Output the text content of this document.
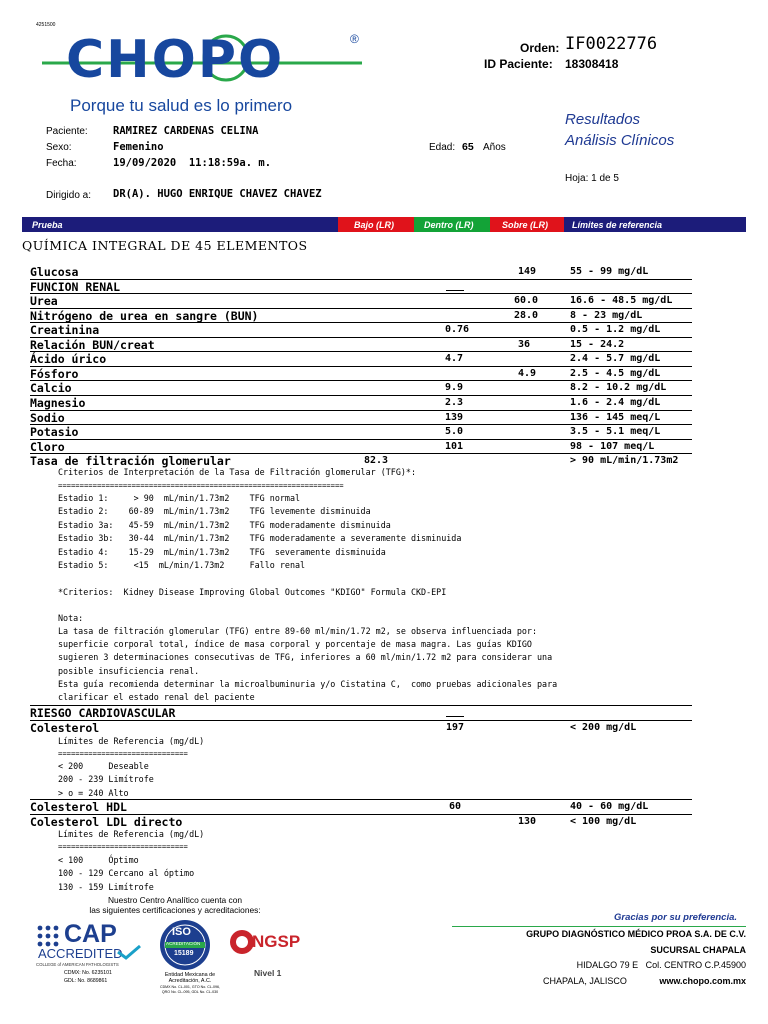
4251500
CHOPO	®
Porque tu salud es lo primero
Orden: IF0022776
ID Paciente: 18308418
Resultados
Análisis Clínicos
Paciente: RAMIREZ CARDENAS CELINA
Sexo:	Femenino	Edad: 65 Años
Fecha:	19/09/2020  11:18:59a. m.
Hoja: 1 de 5
Dirigido a: DR(A). HUGO ENRIQUE CHAVEZ CHAVEZ
Prueba	Bajo (LR)	Dentro (LR)	Sobre (LR)	Límites de referencia
QUÍMICA INTEGRAL DE 45 ELEMENTOS
Glucosa	149	55 - 99 mg/dL
FUNCION RENAL
Urea	60.0	16.6 - 48.5 mg/dL
Nitrógeno de urea en sangre (BUN)	28.0	8 - 23 mg/dL
Creatinina	0.76	0.5 - 1.2 mg/dL
Relación BUN/creat	36	15 - 24.2
Ácido úrico	4.7	2.4 - 5.7 mg/dL
Fósforo	4.9	2.5 - 4.5 mg/dL
Calcio	9.9	8.2 - 10.2 mg/dL
Magnesio	2.3	1.6 - 2.4 mg/dL
Sodio	139	136 - 145 meq/L
Potasio	5.0	3.5 - 5.1 meq/L
Cloro	101	98 - 107 meq/L
Tasa de filtración glomerular	82.3	> 90 mL/min/1.73m2
Criterios de Interpretación de la Tasa de Filtración glomerular (TFG)*:
==================================================================
Estadio 1:     > 90  mL/min/1.73m2    TFG normal
Estadio 2:    60-89  mL/min/1.73m2    TFG levemente disminuida
Estadio 3a:   45-59  mL/min/1.73m2    TFG moderadamente disminuida
Estadio 3b:   30-44  mL/min/1.73m2    TFG moderadamente a severamente disminuida
Estadio 4:    15-29  mL/min/1.73m2    TFG  severamente disminuida
Estadio 5:     <15  mL/min/1.73m2     Fallo renal
*Criterios:  Kidney Disease Improving Global Outcomes "KDIGO" Formula CKD-EPI
Nota:
La tasa de filtración glomerular (TFG) entre 89-60 ml/min/1.72 m2, se observa influenciada por:
superficie corporal total, índice de masa corporal y porcentaje de masa magra. Las guías KDIGO
sugieren 3 determinaciones consecutivas de TFG, inferiores a 60 ml/min/1.72 m2 para considerar una
posible insuficiencia renal.
Esta guía recomienda determinar la microalbuminuria y/o Cistatina C,  como pruebas adicionales para
clarificar el estado renal del paciente
RIESGO CARDIOVASCULAR
Colesterol	197	< 200 mg/dL
Límites de Referencia (mg/dL)
==============================
< 200     Deseable
200 - 239 Limítrofe
> o = 240 Alto
Colesterol HDL	60	40 - 60 mg/dL
Colesterol LDL directo	130	< 100 mg/dL
Límites de Referencia (mg/dL)
==============================
< 100     Óptimo
100 - 129 Cercano al óptimo
130 - 159 Limítrofe
Nuestro Centro Analítico cuenta con
las siguientes certificaciones y acreditaciones:
CAP
ACCREDITED
COLLEGE of AMERICAN PATHOLOGISTS
CDMX: No. 6235101
GDL: No. 8689861
ISO
ACREDITACIÓN
15189
Entidad Mexicana de
Acreditación, A.C.
CDMX No. CL-001, GTO No. CL-096,
QRO No. CL-095, GDL No. CL-030
NGSP
Nivel 1
Gracias por su preferencia.
GRUPO DIAGNÓSTICO MÉDICO PROA S.A. DE C.V.
SUCURSAL CHAPALA
HIDALGO 79 E   Col. CENTRO C.P.45900
CHAPALA, JALISCO	www.chopo.com.mx
